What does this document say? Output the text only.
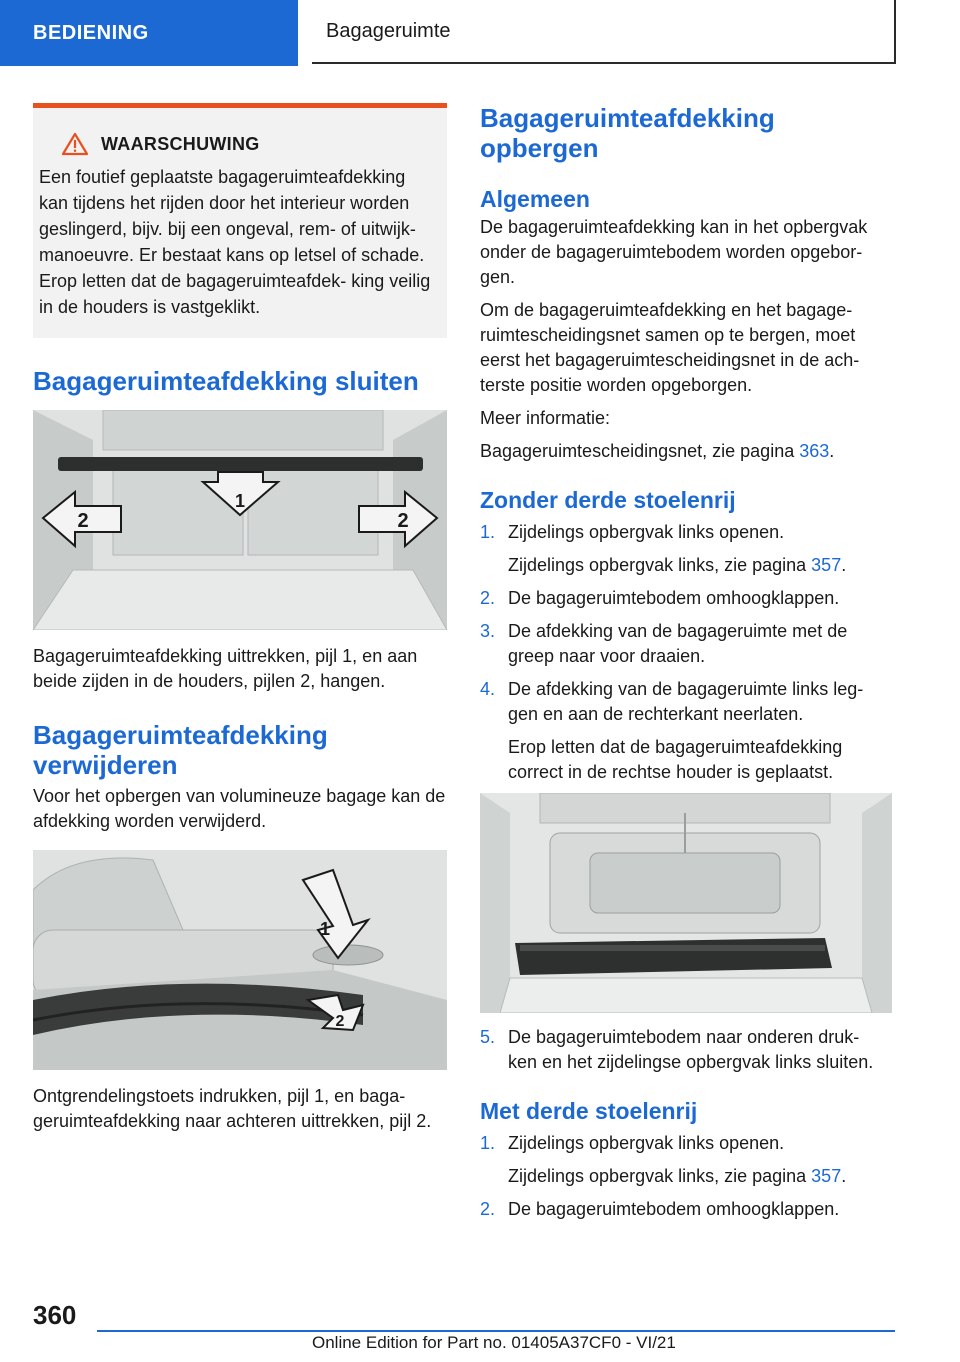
BEDIENING	Bagageruimte
WAARSCHUWING
Een foutief geplaatste bagageruimteafdekking kan tijdens het rijden door het interieur worden geslingerd, bijv. bij een ongeval, rem- of uitwijk- manoeuvre. Er bestaat kans op letsel of schade. Erop letten dat de bagageruimteafdek- king veilig in de houders is vastgeklikt.
Bagageruimteafdekking sluiten
1
2	2

Bagageruimteafdekking uittrekken, pijl 1, en aan beide zijden in de houders, pijlen 2, hangen.

Bagageruimteafdekking verwijderen

Voor het opbergen van volumineuze bagage kan de afdekking worden verwijderd.

1
2

Ontgrendelingstoets indrukken, pijl 1, en baga- geruimteafdekking naar achteren uittrekken, pijl 2.

Bagageruimteafdekking opbergen
Algemeen

De bagageruimteafdekking kan in het opbergvak onder de bagageruimtebodem worden opgebor- gen.

Om de bagageruimteafdekking en het bagage- ruimtescheidingsnet samen op te bergen, moet eerst het bagageruimtescheidingsnet in de ach- terste positie worden opgeborgen.

Meer informatie:

Bagageruimtescheidingsnet, zie pagina 363.

Zonder derde stoelenrij
1. Zijdelings opbergvak links openen.

Zijdelings opbergvak links, zie pagina 357.

2. De bagageruimtebodem omhoogklappen.

3. De afdekking van de bagageruimte met de greep naar voor draaien.

4. De afdekking van de bagageruimte links leg- gen en aan de rechterkant neerlaten.

Erop letten dat de bagageruimteafdekking correct in de rechtse houder is geplaatst.

5. De bagageruimtebodem naar onderen druk- ken en het zijdelingse opbergvak links sluiten.

Met derde stoelenrij
1. Zijdelings opbergvak links openen.

Zijdelings opbergvak links, zie pagina 357.

2. De bagageruimtebodem omhoogklappen.

360
Online Edition for Part no. 01405A37CF0 - VI/21
